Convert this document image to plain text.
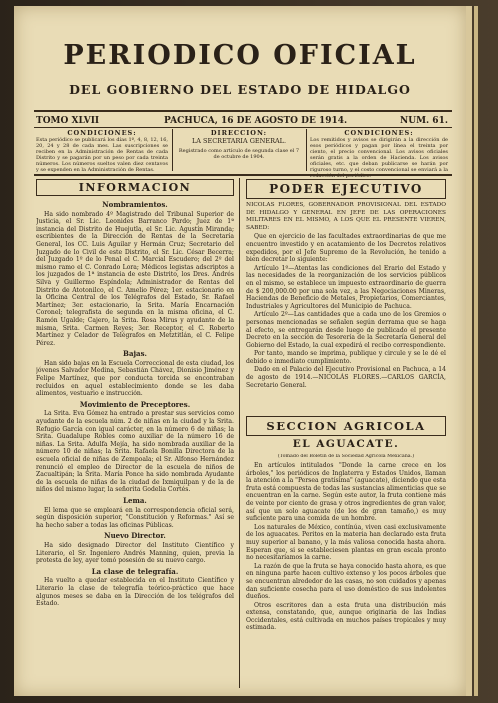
PERIODICO OFICIAL
DEL GOBIERNO DEL ESTADO DE HIDALGO
TOMO XLVII	PACHUCA, 16 DE AGOSTO DE 1914.	NUM. 61.
CONDICIONES:
Esta periódico se publicará los días 1º, 4, 8, 12, 16, 20, 24 y 28 de cada mes. Las suscripciones se reciben en la Administración de Rentas de cada Distrito y se pagarán por un peso por cada treinta números. Los números sueltos valen diez centavos y se expenden en la Administración de Rentas.
DIRECCION:
LA SECRETARIA GENERAL.
Registrado como artículo de segunda clase el 7 de octubre de 1904.
CONDICIONES:
Los remitidos y avisos se dirigirán a la dirección de esos periódicos y pagan por línea el treinta por ciento, el precio convencional. Los avisos oficiales serán gratis a la orden de Hacienda. Los avisos oficiales, etc. que deban publicarse se harán por riguroso turno, y el costo convencional se enviará a la redacción del periódico.
INFORMACION
Nombramientos.

Ha sido nombrado 4º Magistrado del Tribunal Superior de Justicia, el Sr. Lic. Leonides Barranco Pardo; Juez de 1ª instancia del Distrito de Huejutla, el Sr. Lic. Agustín Miranda; escribientes de la Dirección de Rentas de la Secretaría General, los CC. Luis Aguilar y Hermán Cruz; Secretario del Juzgado de lo Civil de este Distrito, el Sr. Lic. César Becerra; del Juzgado 1º de lo Penal el C. Marcial Escudero; del 2º del mismo ramo el C. Conrado Lora; Médicos legistas adscriptos a los juzgados de 1ª instancia de este Distrito, los Dres. Andrés Silva y Guillermo Espíndola; Administrador de Rentas del Distrito de Atotonilco, el C. Amelio Pérez; 1er. estacionario en la Oficina Central de los Telégrafos del Estado, Sr. Rafael Martínez; 3er. estacionario, la Srita. María Encarnación Coronel; telegrafista de segunda en la misma oficina, el C. Ramón Ugalde; Cajero, la Srita. Rosa Mirus y ayudante de la misma, Srita. Carmen Reyes; 3er. Receptor, el C. Roberto Martínez y Celador de Telégrafos en Metztitlán, el C. Felipe Pérez.

Bajas.

Han sido bajas en la Escuela Correccional de esta ciudad, los jóvenes Salvador Medina, Sebastián Chávez, Dionisio Jiménez y Felipe Martínez, que por conducta torcida se encontraban recluidos en aquel establecimiento donde se les daba alimentos, vestuario e instrucción.

Movimiento de Preceptores.

La Srita. Eva Gómez ha entrado a prestar sus servicios como ayudante de la escuela núm. 2 de niñas en la ciudad y la Srita. Refugio García con igual carácter, en la número 6 de niñas; la Srita. Guadalupe Robles como auxiliar de la número 16 de niñas. La Srita. Adulfa Mejía, ha sido nombrada auxiliar de la número 10 de niñas; la Srita. Rafaela Bonilla Directora de la escuela oficial de niñas de Zempoala; el Sr. Alfonso Hernández renunció el empleo de Director de la escuela de niños de Zacualtipán; la Srita. María Ponce ha sido nombrada Ayudante de la escuela de niñas de la ciudad de Ixmiquilpan y de la de niños del mismo lugar, la señorita Godelia Cortés.

Lema.

El lema que se empleará en la correspondencia oficial será, según disposición superior, "Constitución y Reformas." Así se ha hecho saber a todas las oficinas Públicas.

Nuevo Director.

Ha sido designado Director del Instituto Científico y Literario, el Sr. Ingeniero Andrés Manning, quien, previa la protesta de ley, ayer tomó posesión de su nuevo cargo.

La clase de telegrafía.

Ha vuelto a quedar establecida en el Instituto Científico y Literario la clase de telegrafía teórico-práctico que hace algunos meses se daba en la Dirección de los telégrafos del Estado.

PODER EJECUTIVO

NICOLAS FLORES, GOBERNADOR PROVISIONAL DEL ESTADO DE HIDALGO Y GENERAL EN JEFE DE LAS OPERACIONES MILITARES EN EL MISMO, A LOS QUE EL PRESENTE VIEREN, SABED:

Que en ejercicio de las facultades extraordinarias de que me encuentro investido y en acatamiento de los Decretos relativos expedidos, por el Jefe Supremo de la Revolución, he tenido a bien decretar lo siguiente:

Artículo 1º—Atentas las condiciones del Erario del Estado y las necesidades de la reorganización de los servicios públicos en el mismo, se establece un impuesto extraordinario de guerra de $ 200,000.00 por una sola vez, a las Negociaciones Mineras, Haciendas de Beneficio de Metales, Propietarios, Comerciantes, Industriales y Agricultores del Municipio de Pachuca.

Artículo 2º—Las cantidades que a cada uno de los Gremios o personas mencionadas se señalen según derrama que se haga al efecto, se entregarán desde luego de publicado el presente Decreto en la sección de Tesorería de la Secretaría General del Gobierno del Estado, la cual expedirá el recibo correspondiente.

Por tanto, mando se imprima, publique y circule y se le dé el debido e inmediato cumplimiento.

Dado en el Palacio del Ejecutivo Provisional en Pachuca, a 14 de agosto de 1914.—NICOLÁS FLORES.—CARLOS GARCÍA, Secretario General.

SECCION AGRICOLA
EL AGUACATE.
(Tomado del Boletín de la Sociedad Agrícola Mexicana.)

En artículos intitulados "Donde la carne crece en los árboles," los periódicos de Inglaterra y Estados Unidos, llaman la atención a la "Persea gratísima" (aguacate), diciendo que esta fruta está compuesta de todas las sustancias alimenticias que se encuentran en la carne. Según este autor, la fruta contiene más de veinte por ciento de grasa y otros ingredientes de gran valor, así que un solo aguacate (de los de gran tamaño,) es muy suficiente para una comida de un hombre.

Los naturales de México, contínúa, viven casi exclusivamente de los aguacates. Peritos en la materia han declarado esta fruta muy superior al banano, y la más valiosa conocida hasta ahora. Esperan que, si se estableciesen plantas en gran escala pronto no necesitaríamos la carne.

La razón de que la fruta se haya conocido hasta ahora, es que en ninguna parte hacen cultivo extenso y los pocos árboles que se encuentran alrededor de las casas, no son cuidados y apenas dan suficiente cosecha para el uso doméstico de sus indolentes dueños.

Otros escritores dan a esta fruta una distribución más extensa, constatando, que, aunque originaria de las Indias Occidentales, está cultivada en muchos países tropicales y muy estimada.
